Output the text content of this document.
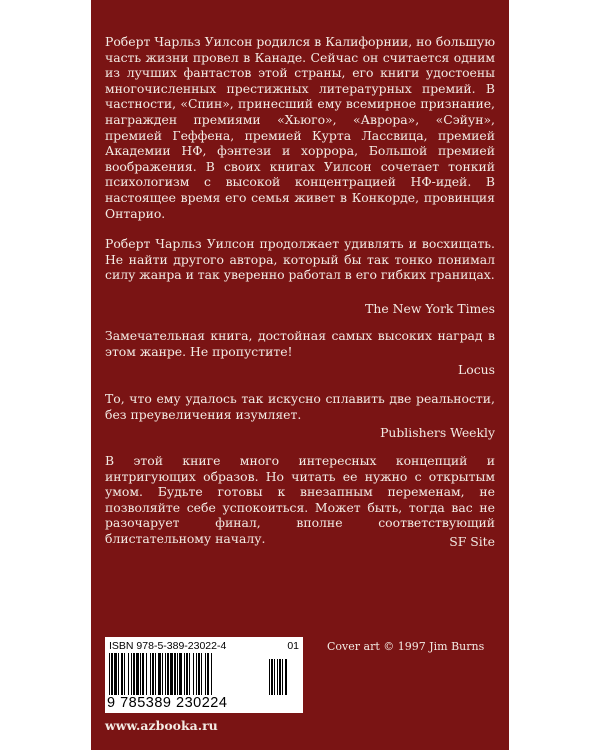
Роберт Чарльз Уилсон родился в Калифорнии, но большую часть жизни провел в Канаде. Сейчас он считается одним из лучших фантастов этой страны, его книги удостоены многочисленных престижных литературных премий. В частности, «Спин», принесший ему всемирное признание, награжден премиями «Хьюго», «Аврора», «Сэйун», премией Геффена, премией Курта Лассвица, премией Академии НФ, фэнтези и хоррора, Большой премией воображения. В своих книгах Уилсон сочетает тонкий психологизм с высокой концентрацией НФ-идей. В настоящее время его семья живет в Конкорде, провинция Онтарио.

Роберт Чарльз Уилсон продолжает удивлять и восхищать. Не найти другого автора, который бы так тонко понимал силу жанра и так уверенно работал в его гибких границах.

The New York Times

Замечательная книга, достойная самых высоких наград в этом жанре. Не пропустите!

Locus

То, что ему удалось так искусно сплавить две реальности, без преувеличения изумляет.

Publishers Weekly

В этой книге много интересных концепций и интригующих образов. Но читать ее нужно с открытым умом. Будьте готовы к внезапным переменам, не позволяйте себе успокоиться. Может быть, тогда вас не разочарует финал, вполне соответствующий блистательному началу.	SF Site

ISBN 978-5-389-23022-4	01
9 785389 230224

Cover art © 1997 Jim Burns

www.azbooka.ru
